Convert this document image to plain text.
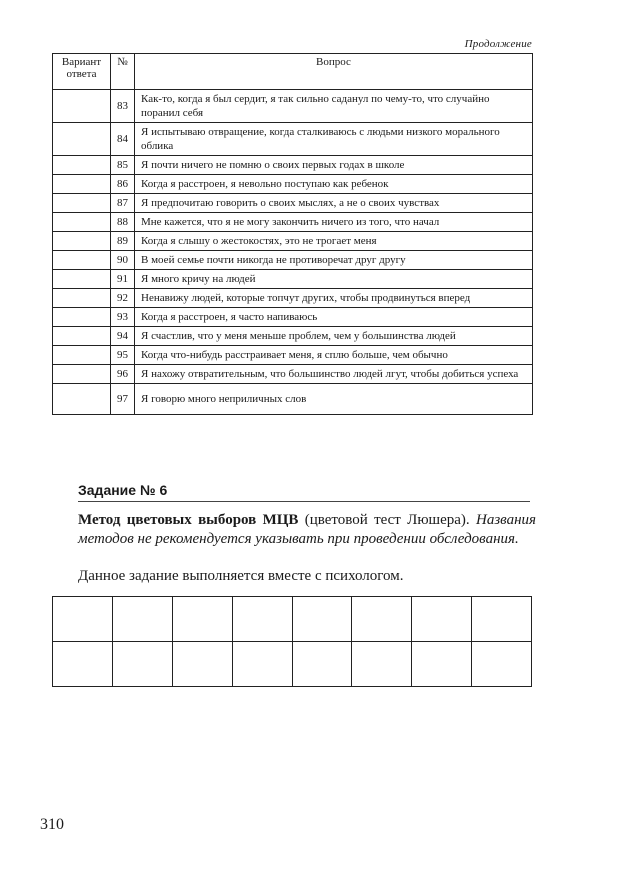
Продолжение
Вариант ответа	№	Вопрос
	83	Как-то, когда я был сердит, я так сильно саданул по чему-то, что случайно поранил себя
	84	Я испытываю отвращение, когда сталкиваюсь с людьми низкого морального облика
	85	Я почти ничего не помню о своих первых годах в школе
	86	Когда я расстроен, я невольно поступаю как ребенок
	87	Я предпочитаю говорить о своих мыслях, а не о своих чувствах
	88	Мне кажется, что я не могу закончить ничего из того, что начал
	89	Когда я слышу о жестокостях, это не трогает меня
	90	В моей семье почти никогда не противоречат друг другу
	91	Я много кричу на людей
	92	Ненавижу людей, которые топчут других, чтобы продвинуться вперед
	93	Когда я расстроен, я часто напиваюсь
	94	Я счастлив, что у меня меньше проблем, чем у большинства людей
	95	Когда что-нибудь расстраивает меня, я сплю больше, чем обычно
	96	Я нахожу отвратительным, что большинство людей лгут, чтобы добиться успеха
	97	Я говорю много неприличных слов
Задание № 6
Метод цветовых выборов МЦВ (цветовой тест Люшера). Названия методов не рекомендуется указывать при проведении обследования.
Данное задание выполняется вместе с психологом.

310
